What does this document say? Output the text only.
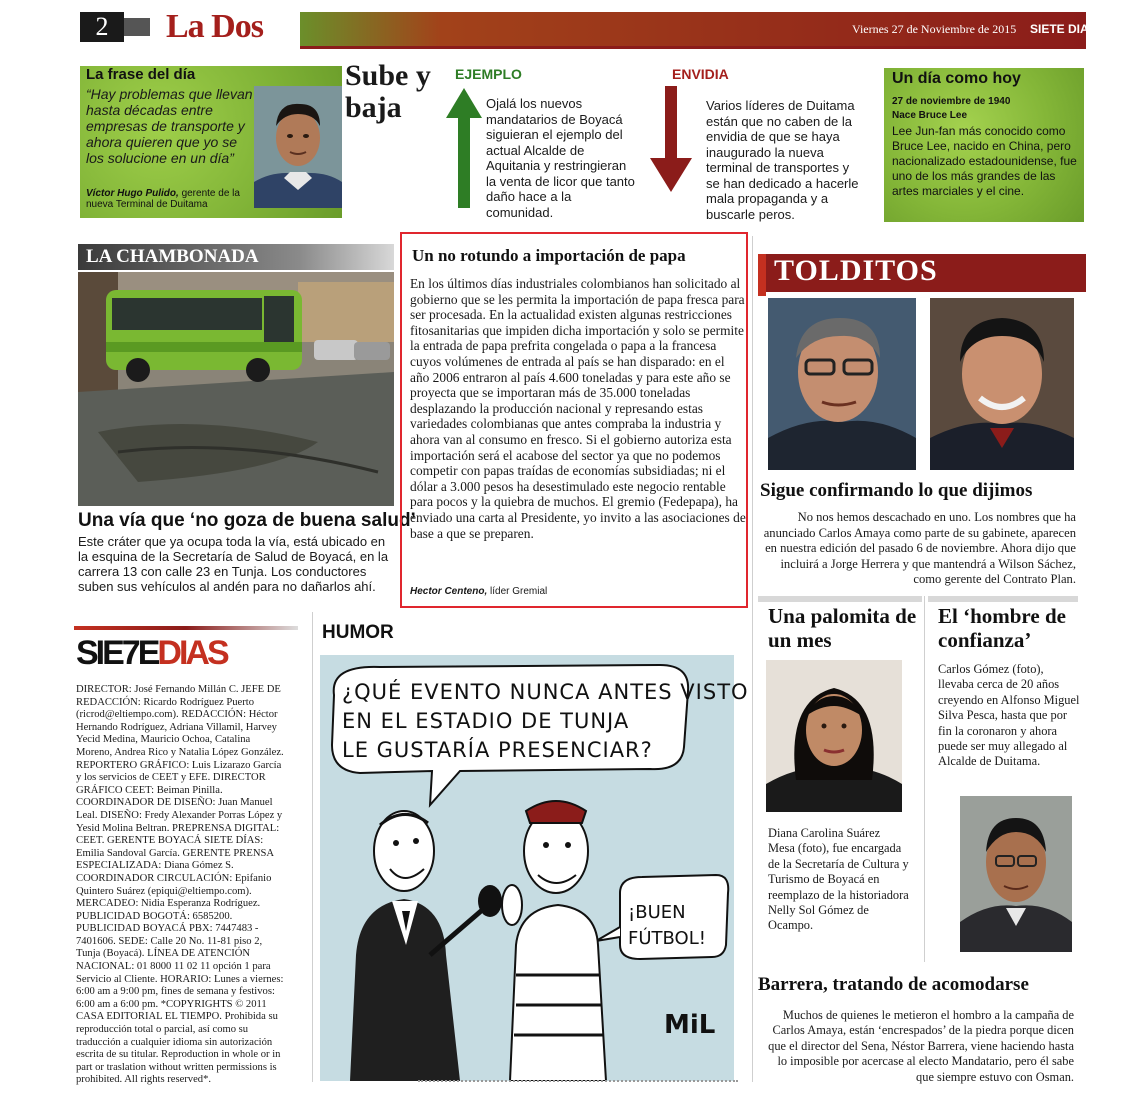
2	La Dos	Viernes 27 de Noviembre de 2015 SIETE DIAS
La frase del día
“Hay problemas que llevan hasta décadas entre empresas de transporte y ahora quieren que yo se los solucione en un día”
Víctor Hugo Pulido, gerente de la nueva Terminal de Duitama
Sube y baja
EJEMPLO
Ojalá los nuevos mandatarios de Boyacá siguieran el ejemplo del actual Alcalde de Aquitania y restringieran la venta de licor que tanto daño hace a la comunidad.
ENVIDIA
Varios líderes de Duitama están que no caben de la envidia de que se haya inaugurado la nueva terminal de transportes y se han dedicado a hacerle mala propaganda y a buscarle peros.
Un día como hoy
27 de noviembre de 1940
Nace Bruce Lee
Lee Jun-fan más conocido como Bruce Lee, nacido en China, pero nacionalizado estadounidense, fue uno de los más grandes de las artes marciales y el cine.
LA CHAMBONADA
Una vía que ‘no goza de buena salud’
Este cráter que ya ocupa toda la vía, está ubicado en la esquina de la Secretaría de Salud de Boyacá, en la carrera 13 con calle 23 en Tunja. Los conductores suben sus vehículos al andén para no dañarlos ahí.
Un no rotundo a importación de papa
En los últimos días industriales colombianos han solicitado al gobierno que se les permita la importación de papa fresca para ser procesada. En la actualidad existen algunas restricciones fitosanitarias que impiden dicha importación y solo se permite la entrada de papa prefrita congelada o papa a la francesa cuyos volúmenes de entrada al país se han disparado: en el año 2006 entraron al país 4.600 toneladas y para este año se proyecta que se importaran más de 35.000 toneladas desplazando la producción nacional y represando estas variedades colombianas que antes compraba la industria y ahora van al consumo en fresco. Si el gobierno autoriza esta importación será el acabose del sector ya que no podemos competir con papas traídas de economías subsidiadas; ni el dólar a 3.000 pesos ha desestimulado este negocio rentable para pocos y la quiebra de muchos. El gremio (Fedepapa), ha enviado una carta al Presidente, yo invito a las asociaciones de base a que se preparen.
Hector Centeno, líder Gremial
TOLDITOS
Sigue confirmando lo que dijimos
No nos hemos descachado en uno. Los nombres que ha anunciado Carlos Amaya como parte de su gabinete, aparecen en nuestra edición del pasado 6 de noviembre. Ahora dijo que incluirá a Jorge Herrera y que mantendrá a Wilson Sáchez, como gerente del Contrato Plan.
SIE7EDIAS
DIRECTOR: José Fernando Millán C. JEFE DE REDACCIÓN: Ricardo Rodríguez Puerto (ricrod@eltiempo.com). REDACCIÓN: Héctor Hernando Rodríguez, Adriana Villamil, Harvey Yecid Medina, Mauricio Ochoa, Catalina Moreno, Andrea Rico y Natalia López González. REPORTERO GRÁFICO: Luis Lizarazo García y los servicios de CEET y EFE. DIRECTOR GRÁFICO CEET: Beiman Pinilla. COORDINADOR DE DISEÑO: Juan Manuel Leal. DISEÑO: Fredy Alexander Porras López y Yesid Molina Beltran. PREPRENSA DIGITAL: CEET. GERENTE BOYACÁ SIETE DÍAS: Emilia Sandoval García. GERENTE PRENSA ESPECIALIZADA: Diana Gómez S. COORDINADOR CIRCULACIÓN: Epifanio Quintero Suárez (epiqui@eltiempo.com). MERCADEO: Nidia Esperanza Rodríguez. PUBLICIDAD BOGOTÁ: 6585200. PUBLICIDAD BOYACÁ PBX: 7447483 - 7401606. SEDE: Calle 20 No. 11-81 piso 2, Tunja (Boyacá). LÍNEA DE ATENCIÓN NACIONAL: 01 8000 11 02 11 opción 1 para Servicio al Cliente. HORARIO: Lunes a viernes: 6:00 am a 9:00 pm, fines de semana y festivos: 6:00 am a 6:00 pm. *COPYRIGHTS © 2011 CASA EDITORIAL EL TIEMPO. Prohibida su reproducción total o parcial, así como su traducción a cualquier idioma sin autorización escrita de su titular. Reproduction in whole or in part or traslation without written permissions is prohibited. All rights reserved*.
HUMOR
¿QUÉ EVENTO NUNCA ANTES VISTO
EN EL ESTADIO DE TUNJA
LE GUSTARÍA PRESENCIAR?
¡BUEN
FÚTBOL!
MiL
Una palomita de un mes
Diana Carolina Suárez Mesa (foto), fue encargada de la Secretaría de Cultura y Turismo de Boyacá en reemplazo de la historiadora Nelly Sol Gómez de Ocampo.
El ‘hombre de confianza’
Carlos Gómez (foto), llevaba cerca de 20 años creyendo en Alfonso Miguel Silva Pesca, hasta que por fin la coronaron y ahora puede ser muy allegado al Alcalde de Duitama.
Barrera, tratando de acomodarse
Muchos de quienes le metieron el hombro a la campaña de Carlos Amaya, están ‘encrespados’ de la piedra porque dicen que el director del Sena, Néstor Barrera, viene haciendo hasta lo imposible por acercase al electo Mandatario, pero él sabe que siempre estuvo con Osman.
